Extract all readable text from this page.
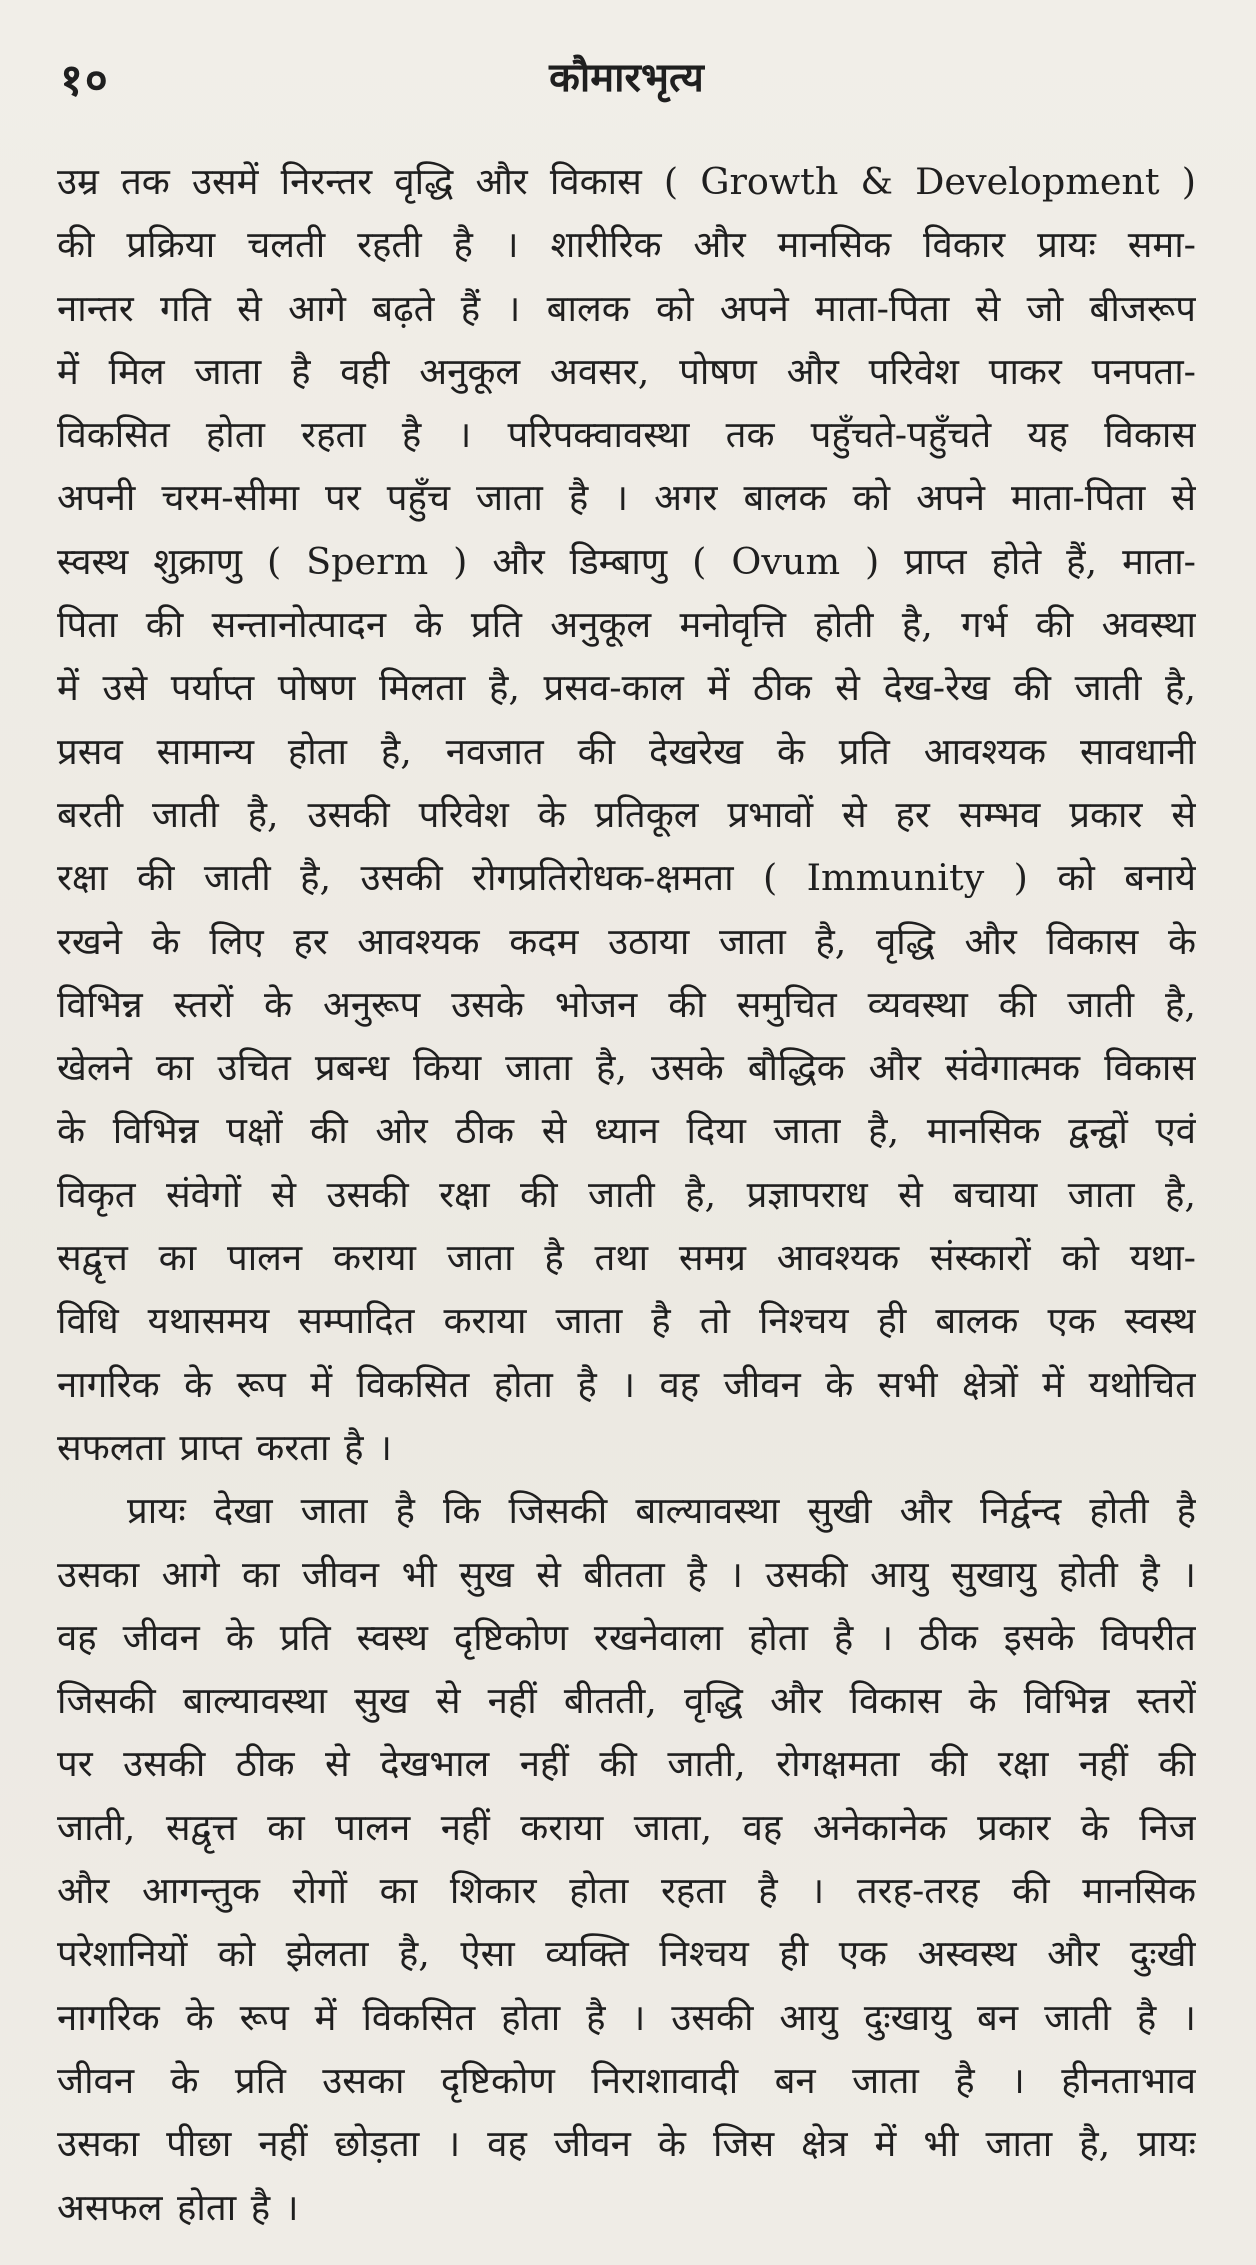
१०	कौमारभृत्य

उम्र तक उसमें निरन्तर वृद्धि और विकास ( Growth & Development )
की प्रक्रिया चलती रहती है । शारीरिक और मानसिक विकार प्रायः समा-
नान्तर गति से आगे बढ़ते हैं । बालक को अपने माता-पिता से जो बीजरूप
में मिल जाता है वही अनुकूल अवसर, पोषण और परिवेश पाकर पनपता-
विकसित होता रहता है । परिपक्वावस्था तक पहुँचते-पहुँचते यह विकास
अपनी चरम-सीमा पर पहुँच जाता है । अगर बालक को अपने माता-पिता से
स्वस्थ शुक्राणु ( Sperm ) और डिम्बाणु ( Ovum ) प्राप्त होते हैं, माता-
पिता की सन्तानोत्पादन के प्रति अनुकूल मनोवृत्ति होती है, गर्भ की अवस्था
में उसे पर्याप्त पोषण मिलता है, प्रसव-काल में ठीक से देख-रेख की जाती है,
प्रसव सामान्य होता है, नवजात की देखरेख के प्रति आवश्यक सावधानी
बरती जाती है, उसकी परिवेश के प्रतिकूल प्रभावों से हर सम्भव प्रकार से
रक्षा की जाती है, उसकी रोगप्रतिरोधक-क्षमता ( Immunity ) को बनाये
रखने के लिए हर आवश्यक कदम उठाया जाता है, वृद्धि और विकास के
विभिन्न स्तरों के अनुरूप उसके भोजन की समुचित व्यवस्था की जाती है,
खेलने का उचित प्रबन्ध किया जाता है, उसके बौद्धिक और संवेगात्मक विकास
के विभिन्न पक्षों की ओर ठीक से ध्यान दिया जाता है, मानसिक द्वन्द्वों एवं
विकृत संवेगों से उसकी रक्षा की जाती है, प्रज्ञापराध से बचाया जाता है,
सद्वृत्त का पालन कराया जाता है तथा समग्र आवश्यक संस्कारों को यथा-
विधि यथासमय सम्पादित कराया जाता है तो निश्चय ही बालक एक स्वस्थ
नागरिक के रूप में विकसित होता है । वह जीवन के सभी क्षेत्रों में यथोचित
सफलता प्राप्त करता है ।

प्रायः देखा जाता है कि जिसकी बाल्यावस्था सुखी और निर्द्वन्द होती है
उसका आगे का जीवन भी सुख से बीतता है । उसकी आयु सुखायु होती है ।
वह जीवन के प्रति स्वस्थ दृष्टिकोण रखनेवाला होता है । ठीक इसके विपरीत
जिसकी बाल्यावस्था सुख से नहीं बीतती, वृद्धि और विकास के विभिन्न स्तरों
पर उसकी ठीक से देखभाल नहीं की जाती, रोगक्षमता की रक्षा नहीं की
जाती, सद्वृत्त का पालन नहीं कराया जाता, वह अनेकानेक प्रकार के निज
और आगन्तुक रोगों का शिकार होता रहता है । तरह-तरह की मानसिक
परेशानियों को झेलता है, ऐसा व्यक्ति निश्चय ही एक अस्वस्थ और दुःखी
नागरिक के रूप में विकसित होता है । उसकी आयु दुःखायु बन जाती है ।
जीवन के प्रति उसका दृष्टिकोण निराशावादी बन जाता है । हीनताभाव
उसका पीछा नहीं छोड़ता । वह जीवन के जिस क्षेत्र में भी जाता है, प्रायः
असफल होता है ।
